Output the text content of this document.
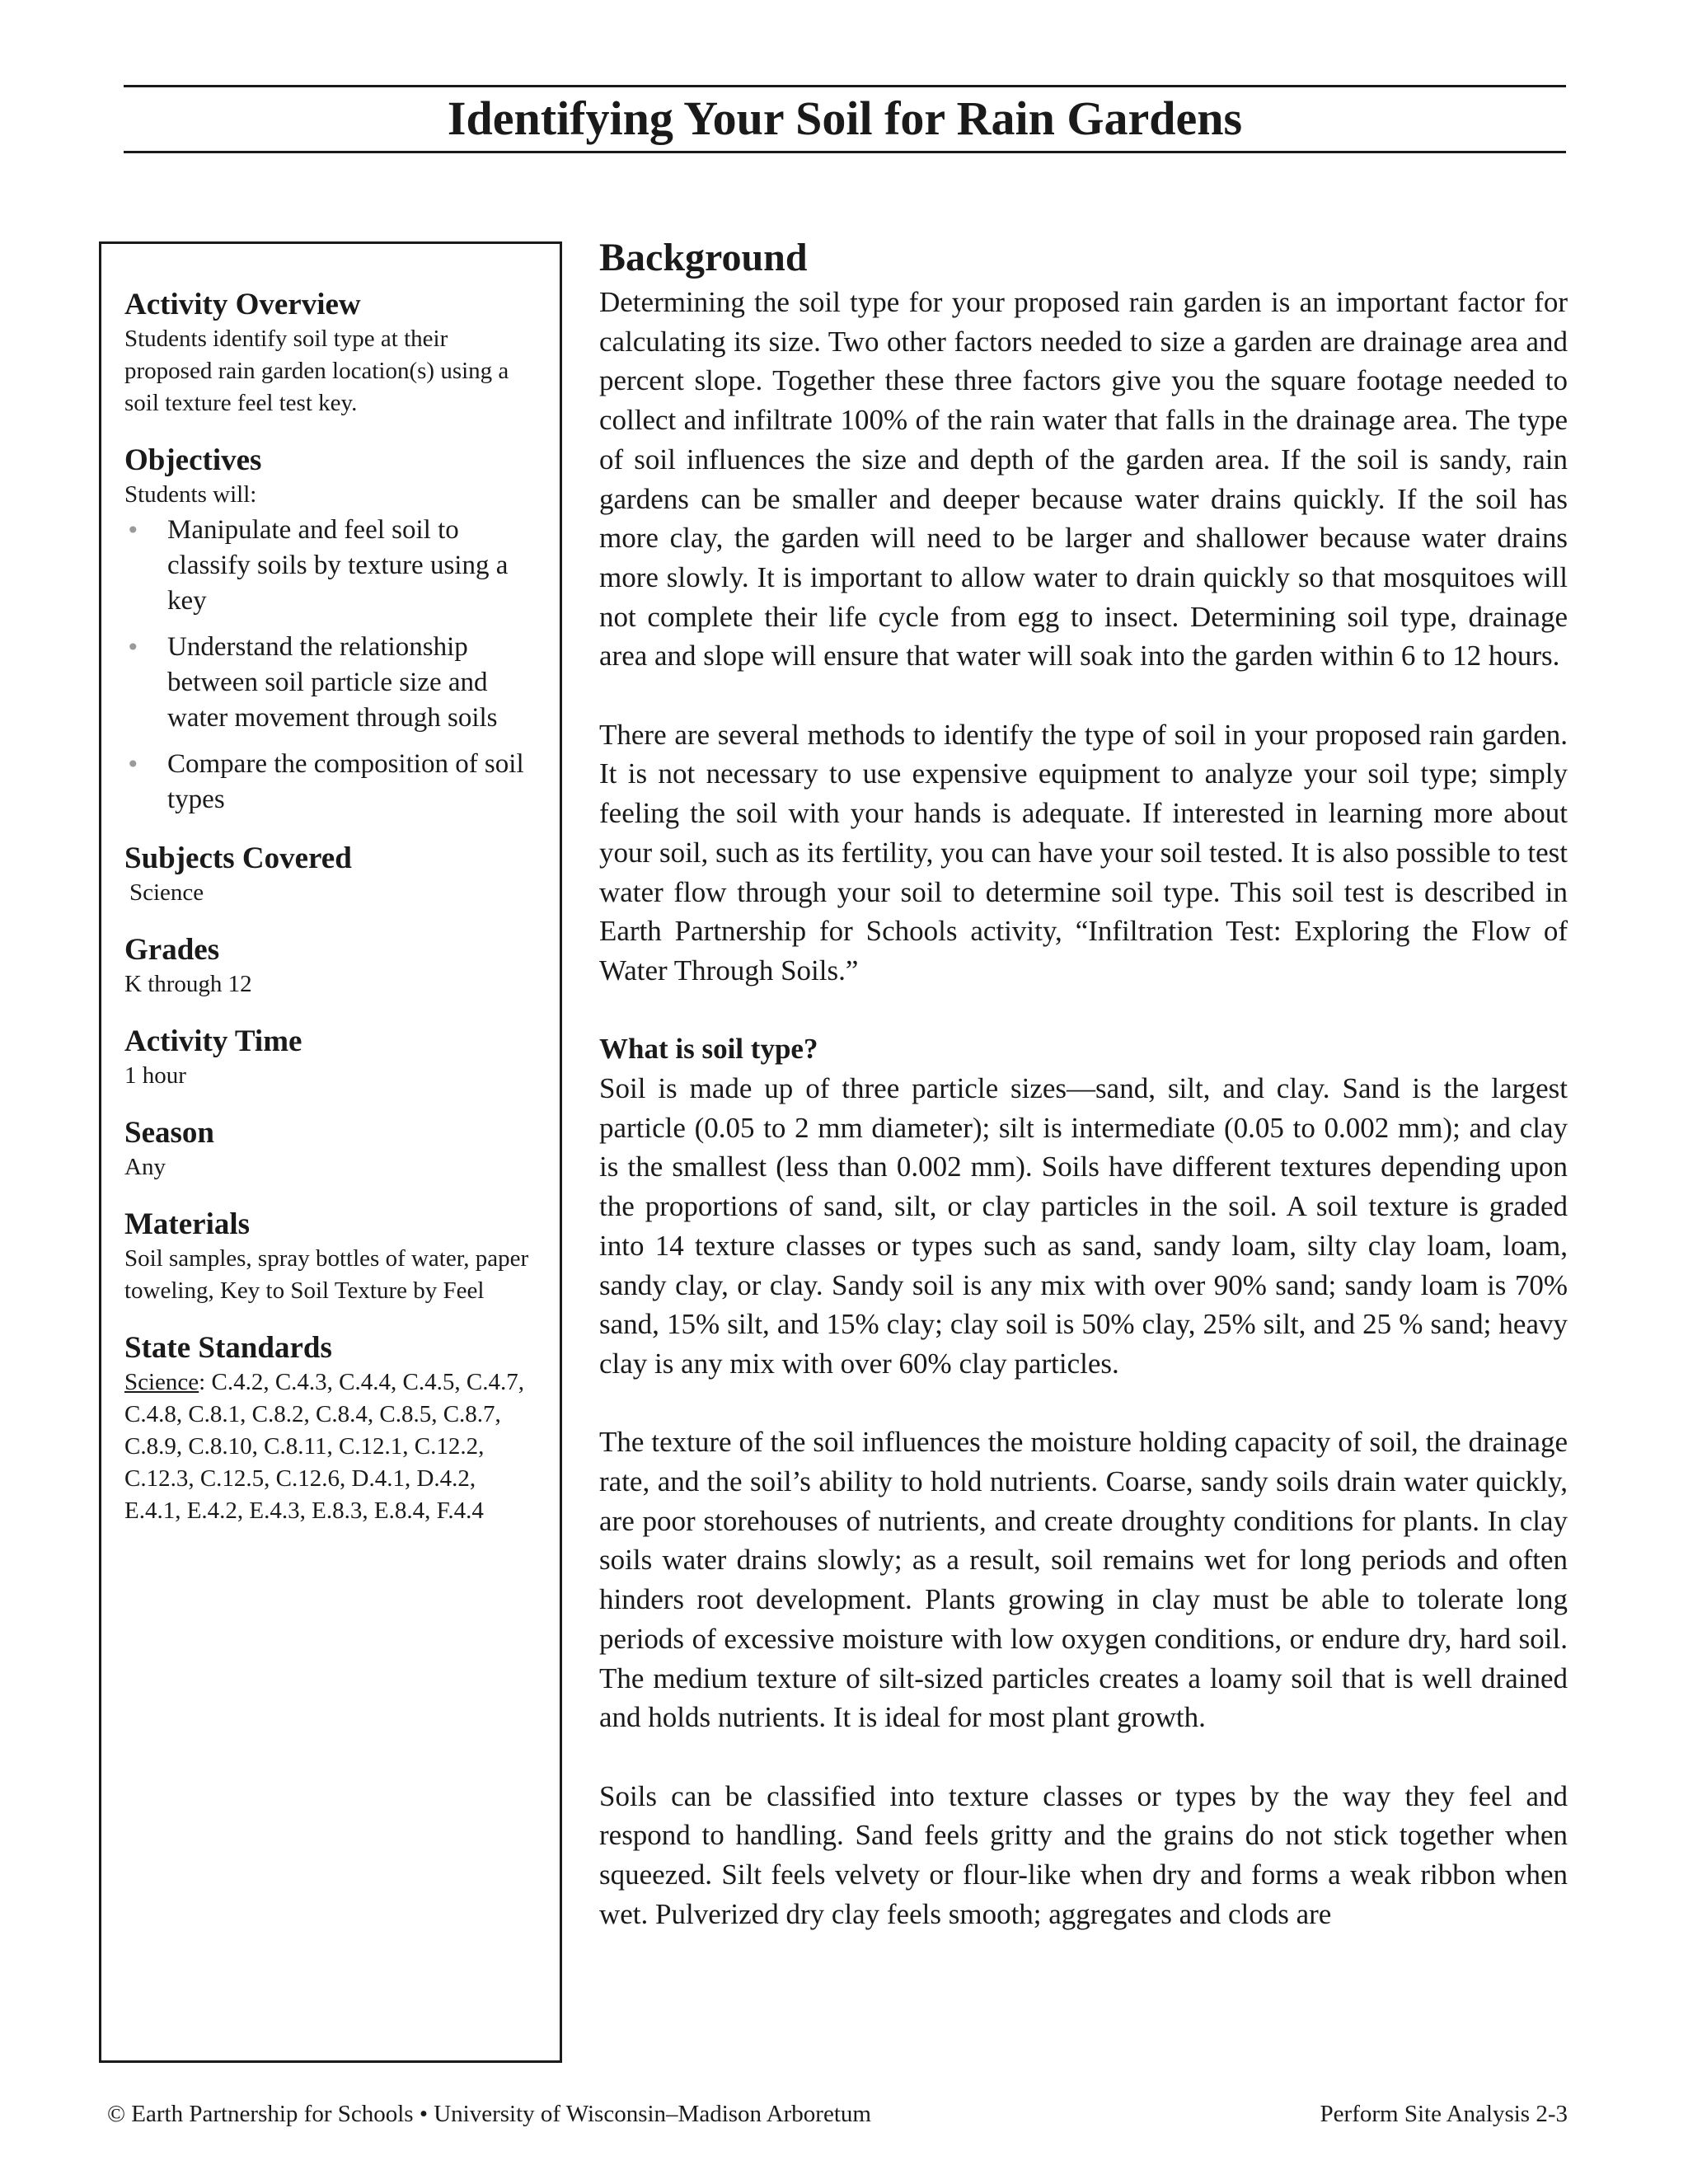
Identifying Your Soil for Rain Gardens
Activity Overview

Students identify soil type at their proposed rain garden location(s) using a soil texture feel test key.

Objectives

Students will:

• Manipulate and feel soil to classify soils by texture using a key
• Understand the relationship between soil particle size and water movement through soils
• Compare the composition of soil types
Subjects Covered

Science

Grades

K through 12

Activity Time

1 hour

Season

Any

Materials

Soil samples, spray bottles of water, paper toweling, Key to Soil Texture by Feel

State Standards

Science: C.4.2, C.4.3, C.4.4, C.4.5, C.4.7, C.4.8, C.8.1, C.8.2, C.8.4, C.8.5, C.8.7, C.8.9, C.8.10, C.8.11, C.12.1, C.12.2, C.12.3, C.12.5, C.12.6, D.4.1, D.4.2, E.4.1, E.4.2, E.4.3, E.8.3, E.8.4, F.4.4

Background

Determining the soil type for your proposed rain garden is an important factor for calculating its size. Two other factors needed to size a garden are drainage area and percent slope. Together these three factors give you the square footage needed to collect and infiltrate 100% of the rain water that falls in the drainage area. The type of soil influences the size and depth of the garden area. If the soil is sandy, rain gardens can be smaller and deeper because water drains quickly. If the soil has more clay, the garden will need to be larger and shallower because water drains more slowly. It is important to allow water to drain quickly so that mosquitoes will not complete their life cycle from egg to insect. Determining soil type, drainage area and slope will ensure that water will soak into the garden within 6 to 12 hours.

There are several methods to identify the type of soil in your proposed rain garden. It is not necessary to use expensive equipment to analyze your soil type; simply feeling the soil with your hands is adequate. If interested in learning more about your soil, such as its fertility, you can have your soil tested. It is also possible to test water flow through your soil to determine soil type. This soil test is described in Earth Partnership for Schools activity, “Infiltration Test: Exploring the Flow of Water Through Soils.”

What is soil type?

Soil is made up of three particle sizes—sand, silt, and clay. Sand is the largest particle (0.05 to 2 mm diameter); silt is intermediate (0.05 to 0.002 mm); and clay is the smallest (less than 0.002 mm). Soils have different textures depending upon the proportions of sand, silt, or clay particles in the soil. A soil texture is graded into 14 texture classes or types such as sand, sandy loam, silty clay loam, loam, sandy clay, or clay. Sandy soil is any mix with over 90% sand; sandy loam is 70% sand, 15% silt, and 15% clay; clay soil is 50% clay, 25% silt, and 25 % sand; heavy clay is any mix with over 60% clay particles.

The texture of the soil influences the moisture holding capacity of soil, the drainage rate, and the soil’s ability to hold nutrients. Coarse, sandy soils drain water quickly, are poor storehouses of nutrients, and create droughty conditions for plants. In clay soils water drains slowly; as a result, soil remains wet for long periods and often hinders root development. Plants growing in clay must be able to tolerate long periods of excessive moisture with low oxygen conditions, or endure dry, hard soil. The medium texture of silt-sized particles creates a loamy soil that is well drained and holds nutrients. It is ideal for most plant growth.

Soils can be classified into texture classes or types by the way they feel and respond to handling. Sand feels gritty and the grains do not stick together when squeezed. Silt feels velvety or flour-like when dry and forms a weak ribbon when wet. Pulverized dry clay feels smooth; aggregates and clods are

© Earth Partnership for Schools • University of Wisconsin–Madison Arboretum	Perform Site Analysis 2-3
